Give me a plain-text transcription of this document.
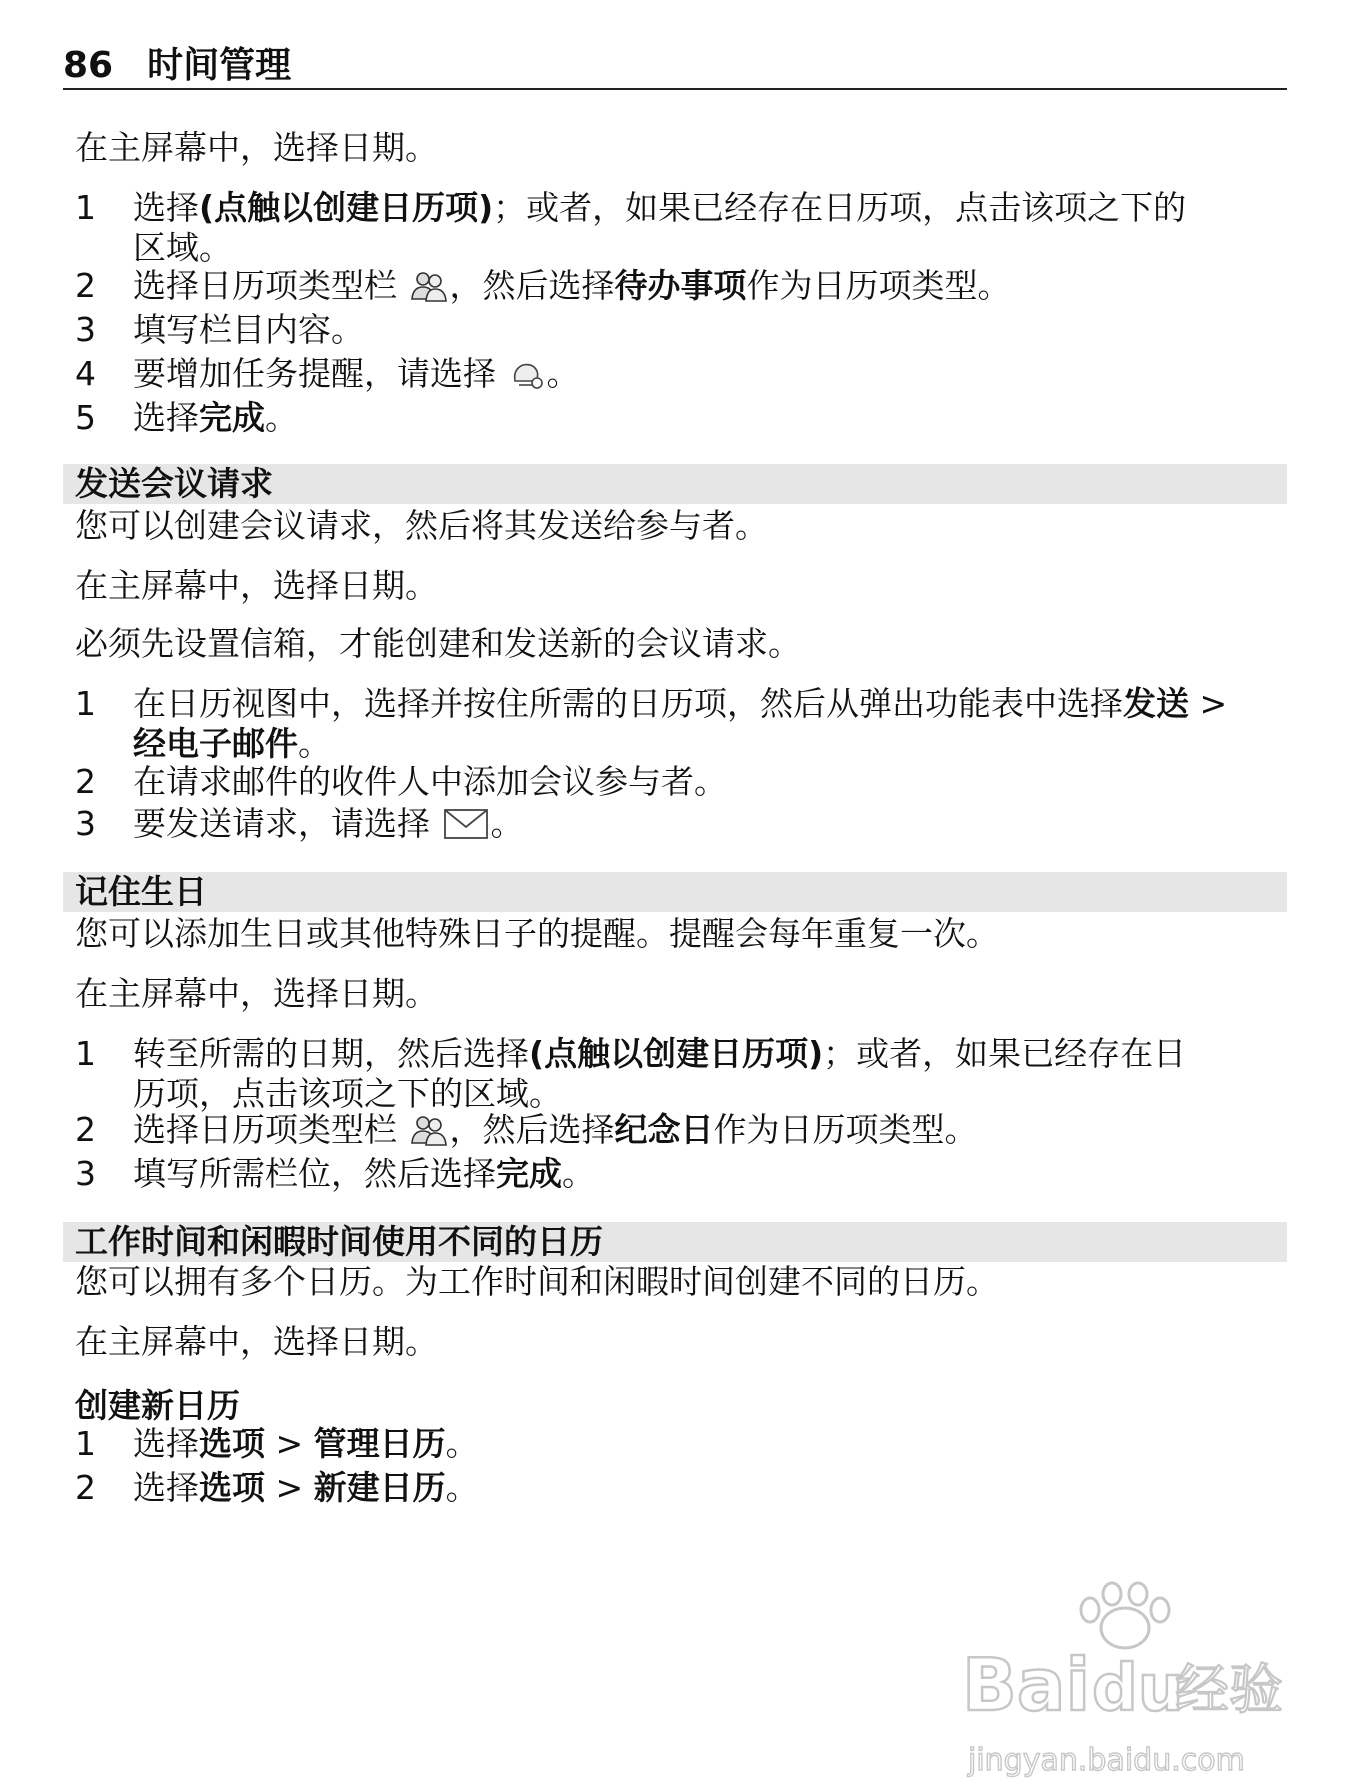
86 时间管理
在主屏幕中，选择日期。
1 选择(点触以创建日历项)；或者，如果已经存在日历项，点击该项之下的
区域。
2 选择日历项类型栏 ，然后选择待办事项作为日历项类型。
3 填写栏目内容。
4 要增加任务提醒，请选择 。
5 选择完成。
发送会议请求
您可以创建会议请求，然后将其发送给参与者。
在主屏幕中，选择日期。
必须先设置信箱，才能创建和发送新的会议请求。
1 在日历视图中，选择并按住所需的日历项，然后从弹出功能表中选择发送 >
经电子邮件。
2 在请求邮件的收件人中添加会议参与者。
3 要发送请求，请选择 。
记住生日
您可以添加生日或其他特殊日子的提醒。提醒会每年重复一次。
在主屏幕中，选择日期。
1 转至所需的日期，然后选择(点触以创建日历项)；或者，如果已经存在日
历项，点击该项之下的区域。
2 选择日历项类型栏 ，然后选择纪念日作为日历项类型。
3 填写所需栏位，然后选择完成。
工作时间和闲暇时间使用不同的日历
您可以拥有多个日历。为工作时间和闲暇时间创建不同的日历。
在主屏幕中，选择日期。
创建新日历
1 选择选项 > 管理日历。
2 选择选项 > 新建日历。
Bai du
经验
jingyan.baidu.com
